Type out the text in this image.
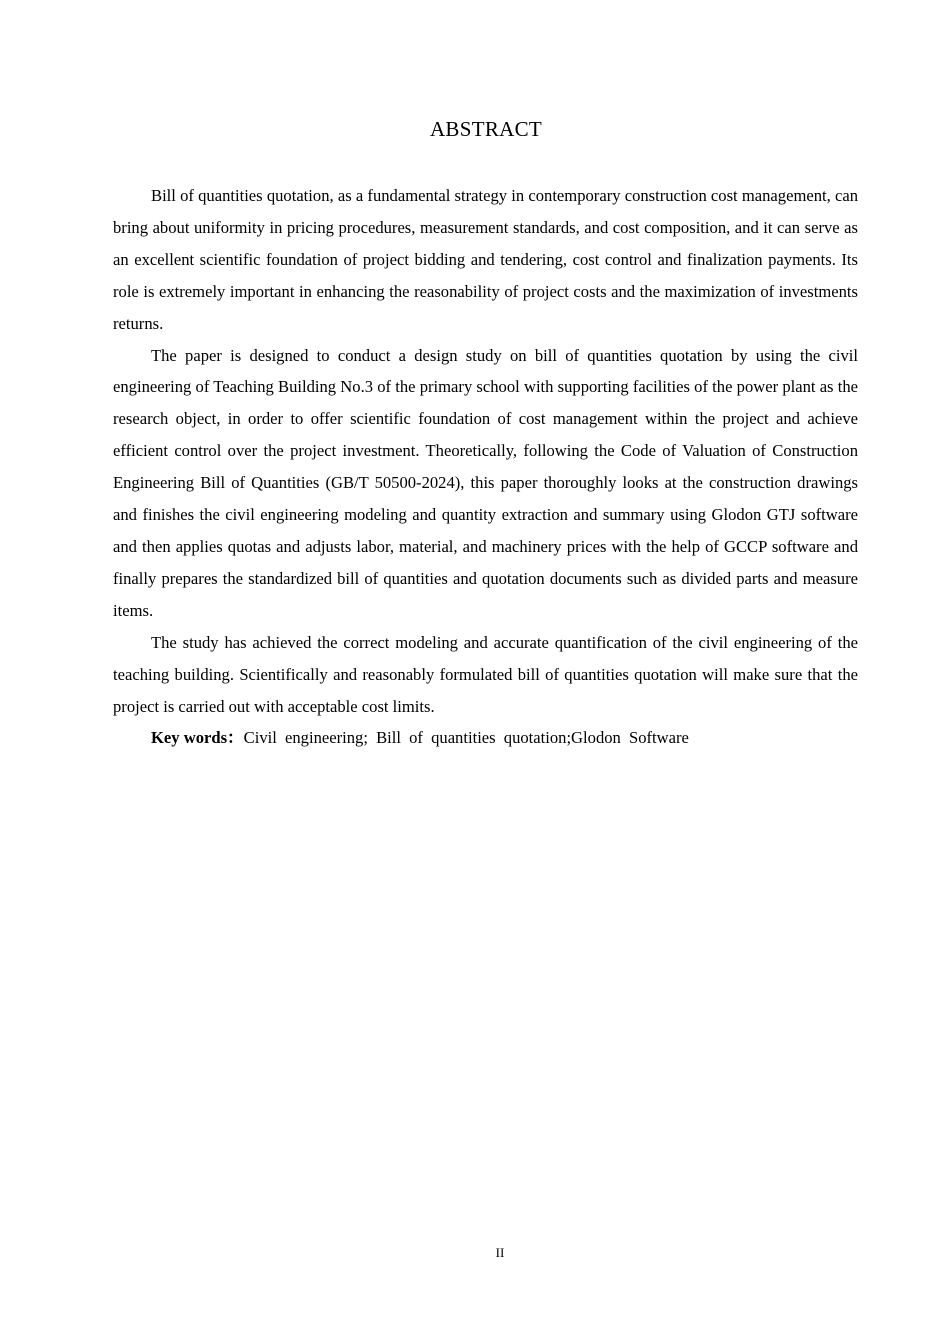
ABSTRACT

Bill of quantities quotation, as a fundamental strategy in contemporary construction cost management, can bring about uniformity in pricing procedures, measurement standards, and cost composition, and it can serve as an excellent scientific foundation of project bidding and tendering, cost control and finalization payments. Its role is extremely important in enhancing the reasonability of project costs and the maximization of investments returns.

The paper is designed to conduct a design study on bill of quantities quotation by using the civil engineering of Teaching Building No.3 of the primary school with supporting facilities of the power plant as the research object, in order to offer scientific foundation of cost management within the project and achieve efficient control over the project investment. Theoretically, following the Code of Valuation of Construction Engineering Bill of Quantities (GB/T 50500-2024), this paper thoroughly looks at the construction drawings and finishes the civil engineering modeling and quantity extraction and summary using Glodon GTJ software and then applies quotas and adjusts labor, material, and machinery prices with the help of GCCP software and finally prepares the standardized bill of quantities and quotation documents such as divided parts and measure items.

The study has achieved the correct modeling and accurate quantification of the civil engineering of the teaching building. Scientifically and reasonably formulated bill of quantities quotation will make sure that the project is carried out with acceptable cost limits.

Key words：Civil engineering; Bill of quantities quotation;Glodon Software

II
